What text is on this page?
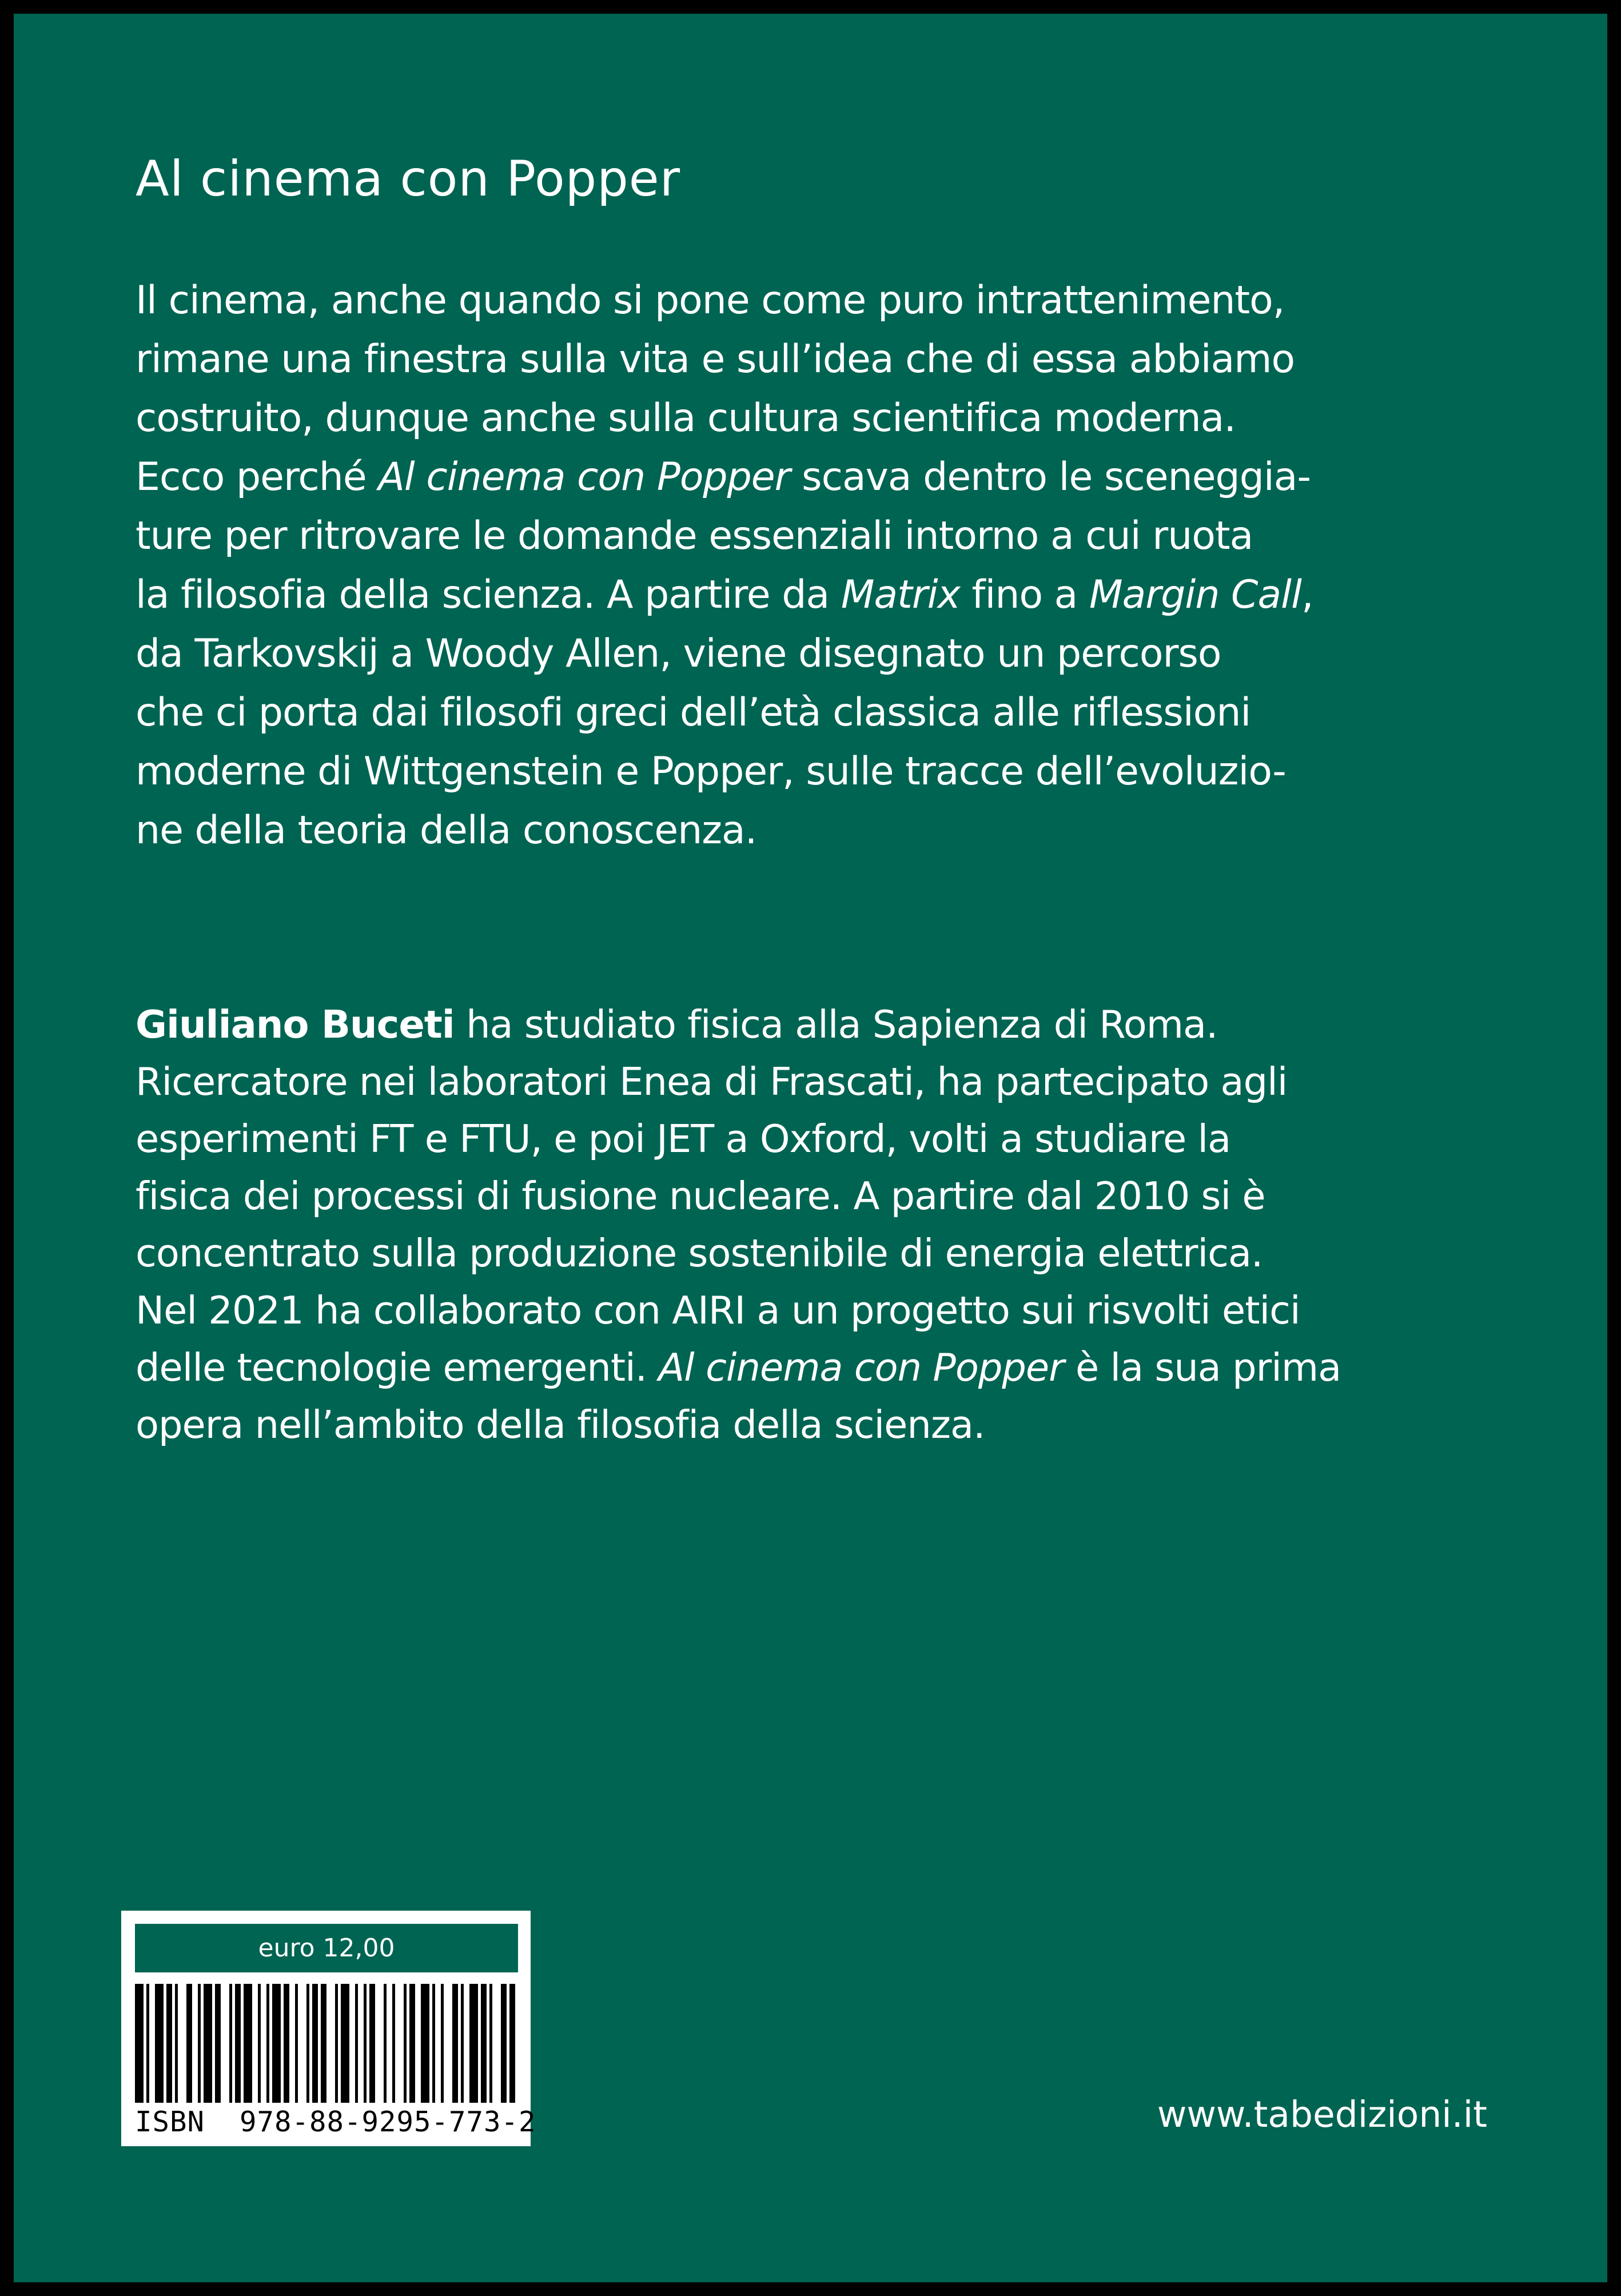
Al cinema con Popper

Il cinema, anche quando si pone come puro intrattenimento,
rimane una finestra sulla vita e sull’idea che di essa abbiamo
costruito, dunque anche sulla cultura scientifica moderna.
Ecco perché Al cinema con Popper scava dentro le sceneggia-
ture per ritrovare le domande essenziali intorno a cui ruota
la filosofia della scienza. A partire da Matrix fino a Margin Call,
da Tarkovskij a Woody Allen, viene disegnato un percorso
che ci porta dai filosofi greci dell’età classica alle riflessioni
moderne di Wittgenstein e Popper, sulle tracce dell’evoluzio-
ne della teoria della conoscenza.

Giuliano Buceti ha studiato fisica alla Sapienza di Roma.
Ricercatore nei laboratori Enea di Frascati, ha partecipato agli
esperimenti FT e FTU, e poi JET a Oxford, volti a studiare la
fisica dei processi di fusione nucleare. A partire dal 2010 si è
concentrato sulla produzione sostenibile di energia elettrica.
Nel 2021 ha collaborato con AIRI a un progetto sui risvolti etici
delle tecnologie emergenti. Al cinema con Popper è la sua prima
opera nell’ambito della filosofia della scienza.

euro 12,00
ISBN 978-88-9295-773-2	www.tabedizioni.it
